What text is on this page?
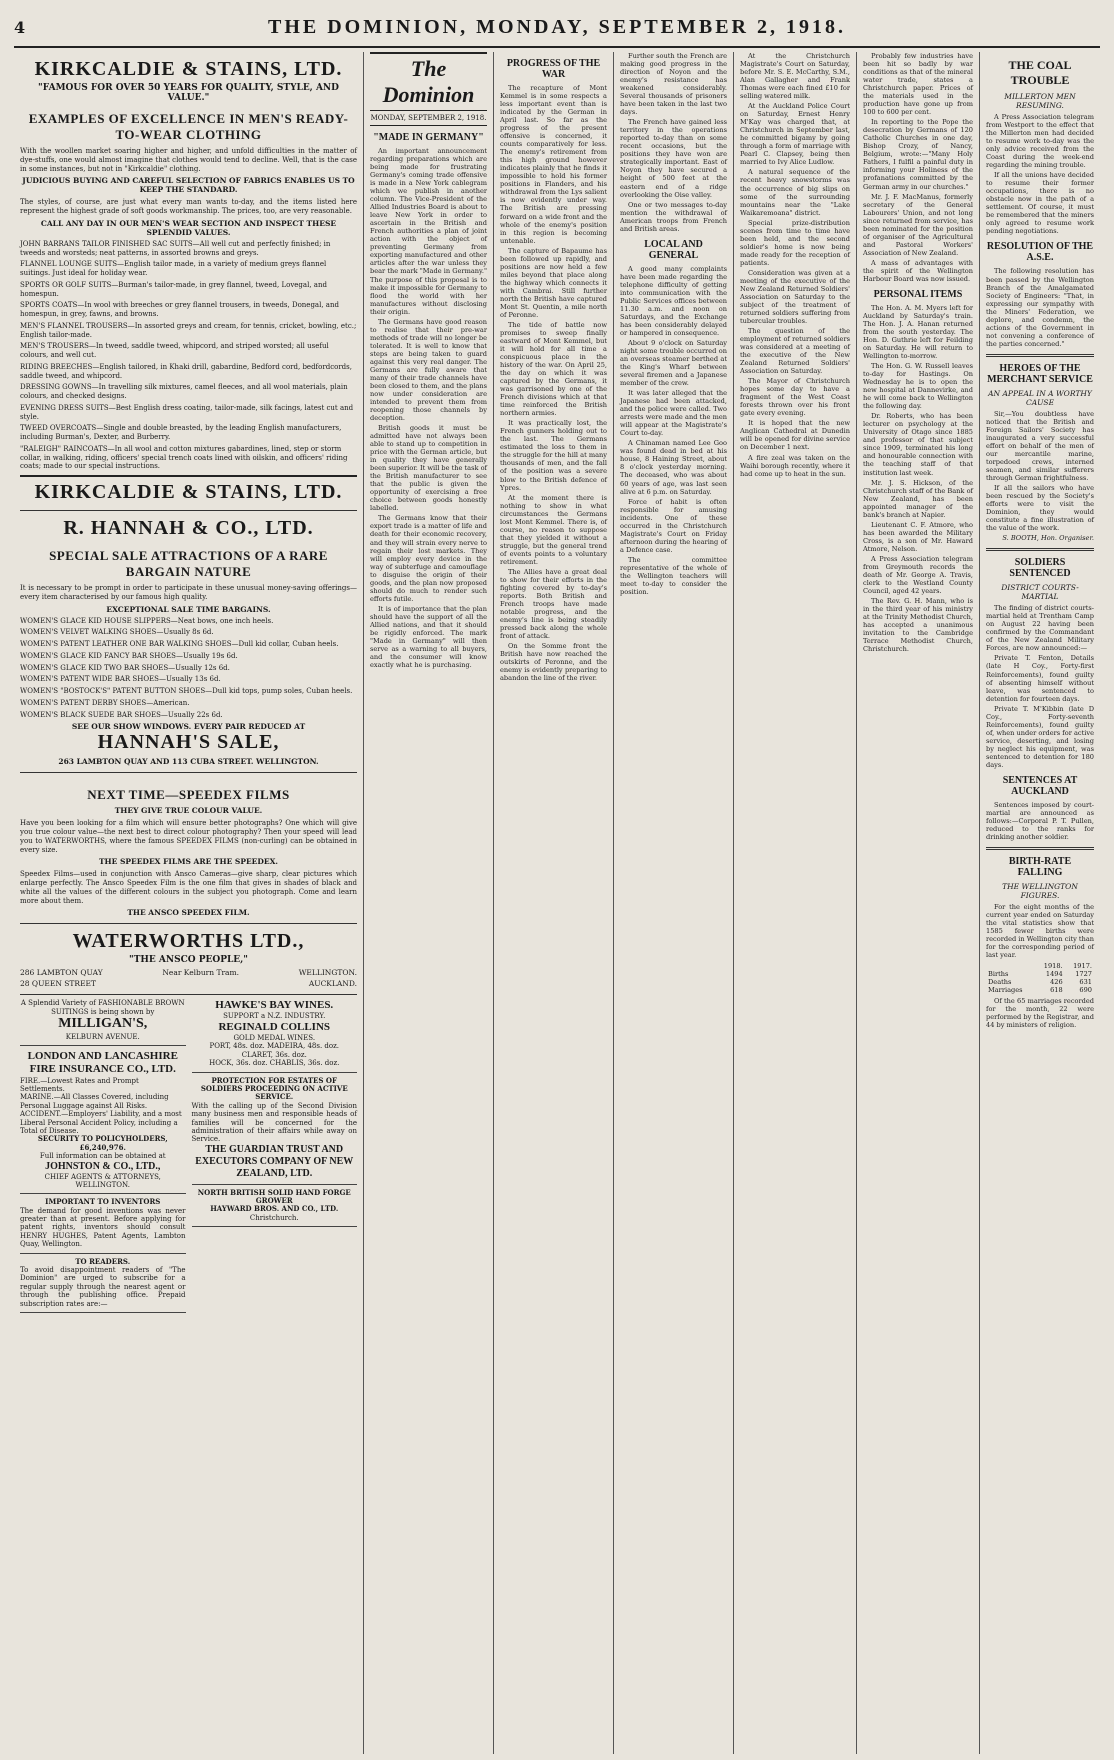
4	THE DOMINION, MONDAY, SEPTEMBER 2, 1918.
KIRKCALDIE & STAINS, LTD.
"FAMOUS FOR OVER 50 YEARS FOR QUALITY, STYLE, AND VALUE."
EXAMPLES OF EXCELLENCE IN MEN'S READY-TO-WEAR CLOTHING
With the woollen market soaring higher and higher, and unfold difficulties in the matter of dye-stuffs, one would almost imagine that clothes would tend to decline. Well, that is the case in some instances, but not in "Kirkcaldie" clothing.
JUDICIOUS BUYING AND CAREFUL SELECTION OF FABRICS ENABLES US TO KEEP THE STANDARD.
The styles, of course, are just what every man wants to-day, and the items listed here represent the highest grade of soft goods workmanship. The prices, too, are very reasonable.
CALL ANY DAY IN OUR MEN'S WEAR SECTION AND INSPECT THESE SPLENDID VALUES.
JOHN BARRANS TAILOR FINISHED SAC SUITS—All well cut and perfectly finished; in tweeds and worsteds; neat patterns, in assorted browns and greys.
FLANNEL LOUNGE SUITS—English tailor made, in a variety of medium greys flannel suitings. Just ideal for holiday wear.
SPORTS OR GOLF SUITS—Burman's tailor-made, in grey flannel, tweed, Lovegal, and homespun.
SPORTS COATS—In wool with breeches or grey flannel trousers, in tweeds, Donegal, and homespun, in grey, fawns, and browns.
MEN'S FLANNEL TROUSERS—In assorted greys and cream, for tennis, cricket, bowling, etc.; English tailor-made.
MEN'S TROUSERS—In tweed, saddle tweed, whipcord, and striped worsted; all useful colours, and well cut.
RIDING BREECHES—English tailored, in Khaki drill, gabardine, Bedford cord, bedfordcords, saddle tweed, and whipcord.
DRESSING GOWNS—In travelling silk mixtures, camel fleeces, and all wool materials, plain colours, and checked designs.
EVENING DRESS SUITS—Best English dress coating, tailor-made, silk facings, latest cut and style.
TWEED OVERCOATS—Single and double breasted, by the leading English manufacturers, including Burman's, Dexter, and Burberry.
"RALEIGH" RAINCOATS—In all wool and cotton mixtures gabardines, lined, step or storm collar, in walking, riding, officers' special trench coats lined with oilskin, and officers' riding coats; made to our special instructions.
KIRKCALDIE & STAINS, LTD.
R. HANNAH & CO., LTD.
SPECIAL SALE ATTRACTIONS OF A RARE BARGAIN NATURE
It is necessary to be prompt in order to participate in these unusual money-saving offerings—every item characterised by our famous high quality.
EXCEPTIONAL SALE TIME BARGAINS.
WOMEN'S GLACE KID HOUSE SLIPPERS—Neat bows, one inch heels.
WOMEN'S VELVET WALKING SHOES—Usually 8s 6d.
WOMEN'S PATENT LEATHER ONE BAR WALKING SHOES—Dull kid collar, Cuban heels.
WOMEN'S GLACE KID FANCY BAR SHOES—Usually 19s 6d.
WOMEN'S GLACE KID TWO BAR SHOES—Usually 12s 6d.
WOMEN'S PATENT WIDE BAR SHOES—Usually 13s 6d.
WOMEN'S "BOSTOCK'S" PATENT BUTTON SHOES—Dull kid tops, pump soles, Cuban heels.
WOMEN'S PATENT DERBY SHOES—American.
WOMEN'S BLACK SUEDE BAR SHOES—Usually 22s 6d.
SEE OUR SHOW WINDOWS. EVERY PAIR REDUCED AT
HANNAH'S SALE,
263 LAMBTON QUAY AND 113 CUBA STREET. WELLINGTON.
NEXT TIME—SPEEDEX FILMS
THEY GIVE TRUE COLOUR VALUE.
Have you been looking for a film which will ensure better photographs? One which will give you true colour value—the next best to direct colour photography? Then your speed will lead you to WATERWORTHS, where the famous SPEEDEX FILMS (non-curling) can be obtained in every size.
THE SPEEDEX FILMS ARE THE SPEEDEX.
Speedex Films—used in conjunction with Ansco Cameras—give sharp, clear pictures which enlarge perfectly. The Ansco Speedex Film is the one film that gives in shades of black and white all the values of the different colours in the subject you photograph. Come and learn more about them.
THE ANSCO SPEEDEX FILM.
WATERWORTHS LTD.,
"THE ANSCO PEOPLE,"
286 LAMBTON QUAY	Near Kelburn Tram.	WELLINGTON.
28 QUEEN STREET	AUCKLAND.
A Splendid Variety of FASHIONABLE BROWN SUITINGS is being shown by
MILLIGAN'S,
KELBURN AVENUE.
LONDON AND LANCASHIRE FIRE INSURANCE CO., LTD.
FIRE.—Lowest Rates and Prompt Settlements.
MARINE.—All Classes Covered, including Personal Luggage against All Risks.
ACCIDENT.—Employers' Liability, and a most Liberal Personal Accident Policy, including a Total of Disease.
SECURITY TO POLICYHOLDERS, £6,240,976.
Full information can be obtained at
JOHNSTON & CO., LTD.,
CHIEF AGENTS & ATTORNEYS,
WELLINGTON.
IMPORTANT TO INVENTORS
The demand for good inventions was never greater than at present. Before applying for patent rights, inventors should consult HENRY HUGHES, Patent Agents, Lambton Quay, Wellington.
TO READERS.
To avoid disappointment readers of "The Dominion" are urged to subscribe for a regular supply through the nearest agent or through the publishing office. Prepaid subscription rates are:—
HAWKE'S BAY WINES.
SUPPORT a N.Z. INDUSTRY.
REGINALD COLLINS
GOLD MEDAL WINES.
PORT, 48s. doz. MADEIRA, 48s. doz.
CLARET, 36s. doz.
HOCK, 36s. doz. CHABLIS, 36s. doz.
PROTECTION FOR ESTATES OF SOLDIERS PROCEEDING ON ACTIVE SERVICE.
With the calling up of the Second Division many business men and responsible heads of families will be concerned for the administration of their affairs while away on Service.
THE GUARDIAN TRUST AND EXECUTORS COMPANY OF NEW ZEALAND, LTD.
NORTH BRITISH SOLID HAND FORGE GROWER
HAYWARD BROS. AND CO., LTD.
Christchurch.
The Dominion
MONDAY, SEPTEMBER 2, 1918.
"MADE IN GERMANY"

An important announcement regarding preparations which are being made for frustrating Germany's coming trade offensive is made in a New York cablegram which we publish in another column. The Vice-President of the Allied Industries Board is about to leave New York in order to ascertain in the British and French authorities a plan of joint action with the object of preventing Germany from exporting manufactured and other articles after the war unless they bear the mark "Made in Germany." The purpose of this proposal is to make it impossible for Germany to flood the world with her manufactures without disclosing their origin.

The Germans have good reason to realise that their pre-war methods of trade will no longer be tolerated. It is well to know that steps are being taken to guard against this very real danger. The Germans are fully aware that many of their trade channels have been closed to them, and the plans now under consideration are intended to prevent them from reopening those channels by deception.

British goods it must be admitted have not always been able to stand up to competition in price with the German article, but in quality they have generally been superior. It will be the task of the British manufacturer to see that the public is given the opportunity of exercising a free choice between goods honestly labelled.

The Germans know that their export trade is a matter of life and death for their economic recovery, and they will strain every nerve to regain their lost markets. They will employ every device in the way of subterfuge and camouflage to disguise the origin of their goods, and the plan now proposed should do much to render such efforts futile.

It is of importance that the plan should have the support of all the Allied nations, and that it should be rigidly enforced. The mark "Made in Germany" will then serve as a warning to all buyers, and the consumer will know exactly what he is purchasing.

PROGRESS OF THE WAR

The recapture of Mont Kemmel is in some respects a less important event than is indicated by the German in April last. So far as the progress of the present offensive is concerned, it counts comparatively for less. The enemy's retirement from this high ground however indicates plainly that he finds it impossible to hold his former positions in Flanders, and his withdrawal from the Lys salient is now evidently under way. The British are pressing forward on a wide front and the whole of the enemy's position in this region is becoming untenable.

The capture of Bapaume has been followed up rapidly, and positions are now held a few miles beyond that place along the highway which connects it with Cambrai. Still further north the British have captured Mont St. Quentin, a mile north of Peronne.

The tide of battle now promises to sweep finally eastward of Mont Kemmel, but it will hold for all time a conspicuous place in the history of the war. On April 25, the day on which it was captured by the Germans, it was garrisoned by one of the French divisions which at that time reinforced the British northern armies.

It was practically lost, the French gunners holding out to the last. The Germans estimated the loss to them in the struggle for the hill at many thousands of men, and the fall of the position was a severe blow to the British defence of Ypres.

At the moment there is nothing to show in what circumstances the Germans lost Mont Kemmel. There is, of course, no reason to suppose that they yielded it without a struggle, but the general trend of events points to a voluntary retirement.

The Allies have a great deal to show for their efforts in the fighting covered by to-day's reports. Both British and French troops have made notable progress, and the enemy's line is being steadily pressed back along the whole front of attack.

On the Somme front the British have now reached the outskirts of Peronne, and the enemy is evidently preparing to abandon the line of the river.

Further south the French are making good progress in the direction of Noyon and the enemy's resistance has weakened considerably. Several thousands of prisoners have been taken in the last two days.

The French have gained less territory in the operations reported to-day than on some recent occasions, but the positions they have won are strategically important. East of Noyon they have secured a height of 500 feet at the eastern end of a ridge overlooking the Oise valley.

One or two messages to-day mention the withdrawal of American troops from French and British areas.

LOCAL AND GENERAL

A good many complaints have been made regarding the telephone difficulty of getting into communication with the Public Services offices between 11.30 a.m. and noon on Saturdays, and the Exchange has been considerably delayed or hampered in consequence.

About 9 o'clock on Saturday night some trouble occurred on an overseas steamer berthed at the King's Wharf between several firemen and a Japanese member of the crew.

It was later alleged that the Japanese had been attacked, and the police were called. Two arrests were made and the men will appear at the Magistrate's Court to-day.

A Chinaman named Lee Goo was found dead in bed at his house, 8 Haining Street, about 8 o'clock yesterday morning. The deceased, who was about 60 years of age, was last seen alive at 6 p.m. on Saturday.

Force of habit is often responsible for amusing incidents. One of these occurred in the Christchurch Magistrate's Court on Friday afternoon during the hearing of a Defence case.

The committee representative of the whole of the Wellington teachers will meet to-day to consider the position.

At the Christchurch Magistrate's Court on Saturday, before Mr. S. E. McCarthy, S.M., Alan Gallagher and Frank Thomas were each fined £10 for selling watered milk.

At the Auckland Police Court on Saturday, Ernest Henry M'Kay was charged that, at Christchurch in September last, he committed bigamy by going through a form of marriage with Pearl C. Clapsey, being then married to Ivy Alice Ludlow.

A natural sequence of the recent heavy snowstorms was the occurrence of big slips on some of the surrounding mountains near the "Lake Waikaremoana" district.

Special prize-distribution scenes from time to time have been held, and the second soldier's home is now being made ready for the reception of patients.

Consideration was given at a meeting of the executive of the New Zealand Returned Soldiers' Association on Saturday to the subject of the treatment of returned soldiers suffering from tubercular troubles.

The question of the employment of returned soldiers was considered at a meeting of the executive of the New Zealand Returned Soldiers' Association on Saturday.

The Mayor of Christchurch hopes some day to have a fragment of the West Coast forests thrown over his front gate every evening.

It is hoped that the new Anglican Cathedral at Dunedin will be opened for divine service on December 1 next.

A fire zeal was taken on the Waihi borough recently, where it had come up to heat in the sun.

Probably few industries have been hit so badly by war conditions as that of the mineral water trade, states a Christchurch paper. Prices of the materials used in the production have gone up from 100 to 600 per cent.

In reporting to the Pope the desecration by Germans of 120 Catholic Churches in one day, Bishop Crozy, of Nancy, Belgium, wrote:—"Many Holy Fathers, I fulfil a painful duty in informing your Holiness of the profanations committed by the German army in our churches."

Mr. J. F. MacManus, formerly secretary of the General Labourers' Union, and not long since returned from service, has been nominated for the position of organiser of the Agricultural and Pastoral Workers' Association of New Zealand.

A mass of advantages with the spirit of the Wellington Harbour Board was now issued.

PERSONAL ITEMS

The Hon. A. M. Myers left for Auckland by Saturday's train. The Hon. J. A. Hanan returned from the south yesterday. The Hon. D. Guthrie left for Feilding on Saturday. He will return to Wellington to-morrow.

The Hon. G. W. Russell leaves to-day for Hastings. On Wednesday he is to open the new hospital at Dannevirke, and he will come back to Wellington the following day.

Dr. Roberts, who has been lecturer on psychology at the University of Otago since 1885 and professor of that subject since 1909, terminated his long and honourable connection with the teaching staff of that institution last week.

Mr. J. S. Hickson, of the Christchurch staff of the Bank of New Zealand, has been appointed manager of the bank's branch at Napier.

Lieutenant C. F. Atmore, who has been awarded the Military Cross, is a son of Mr. Haward Atmore, Nelson.

A Press Association telegram from Greymouth records the death of Mr. George A. Travis, clerk to the Westland County Council, aged 42 years.

The Rev. G. H. Mann, who is in the third year of his ministry at the Trinity Methodist Church, has accepted a unanimous invitation to the Cambridge Terrace Methodist Church, Christchurch.

THE COAL TROUBLE
MILLERTON MEN RESUMING.

A Press Association telegram from Westport to the effect that the Millerton men had decided to resume work to-day was the only advice received from the Coast during the week-end regarding the mining trouble.

If all the unions have decided to resume their former occupations, there is no obstacle now in the path of a settlement. Of course, it must be remembered that the miners only agreed to resume work pending negotiations.

RESOLUTION OF THE A.S.E.

The following resolution has been passed by the Wellington Branch of the Amalgamated Society of Engineers: "That, in expressing our sympathy with the Miners' Federation, we deplore, and condemn, the actions of the Government in not convening a conference of the parties concerned."

HEROES OF THE MERCHANT SERVICE
AN APPEAL IN A WORTHY CAUSE

Sir,—You doubtless have noticed that the British and Foreign Sailors' Society has inaugurated a very successful effort on behalf of the men of our mercantile marine, torpedoed crews, interned seamen, and similar sufferers through German frightfulness.

If all the sailors who have been rescued by the Society's efforts were to visit the Dominion, they would constitute a fine illustration of the value of the work.

S. BOOTH, Hon. Organiser.
SOLDIERS SENTENCED
DISTRICT COURTS-MARTIAL

The finding of district courts-martial held at Trentham Camp on August 22 having been confirmed by the Commandant of the New Zealand Military Forces, are now announced:—

Private T. Fenton, Details (late H Coy., Forty-first Reinforcements), found guilty of absenting himself without leave, was sentenced to detention for fourteen days.

Private T. M'Kibbin (late D Coy., Forty-seventh Reinforcements), found guilty of, when under orders for active service, deserting, and losing by neglect his equipment, was sentenced to detention for 180 days.

SENTENCES AT AUCKLAND

Sentences imposed by court-martial are announced as follows:—Corporal P. T. Pullen, reduced to the ranks for drinking another soldier.

BIRTH-RATE FALLING
THE WELLINGTON FIGURES.

For the eight months of the current year ended on Saturday the vital statistics show that 1585 fewer births were recorded in Wellington city than for the corresponding period of last year.

	1918.	1917.
Births	1494	1727
Deaths	426	631
Marriages	618	690

Of the 65 marriages recorded for the month, 22 were performed by the Registrar, and 44 by ministers of religion.
